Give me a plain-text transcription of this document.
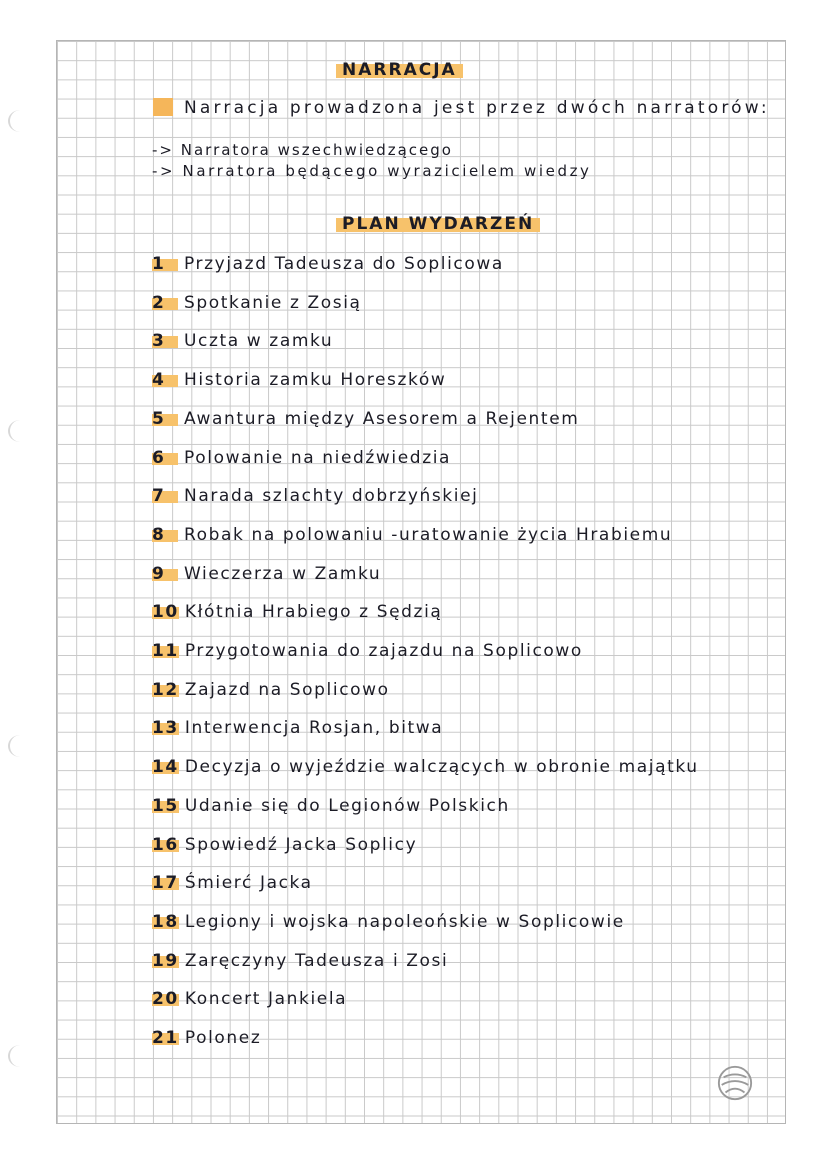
NARRACJA
Narracja prowadzona jest przez dwóch narratorów:
-> Narratora wszechwiedzącego
-> Narratora będącego wyrazicielem wiedzy
PLAN WYDARZEŃ
1	Przyjazd Tadeusza do Soplicowa
2	Spotkanie z Zosią
3	Uczta w zamku
4	Historia zamku Horeszków
5	Awantura między Asesorem a Rejentem
6	Polowanie na niedźwiedzia
7	Narada szlachty dobrzyńskiej
8	Robak na polowaniu -uratowanie życia Hrabiemu
9	Wieczerza w Zamku
10 Kłótnia Hrabiego z Sędzią
11 Przygotowania do zajazdu na Soplicowo
12 Zajazd na Soplicowo
13 Interwencja Rosjan, bitwa
14 Decyzja o wyjeździe walczących w obronie majątku
15 Udanie się do Legionów Polskich
16 Spowiedź Jacka Soplicy
17 Śmierć Jacka
18 Legiony i wojska napoleońskie w Soplicowie
19 Zaręczyny Tadeusza i Zosi
20 Koncert Jankiela
21 Polonez
